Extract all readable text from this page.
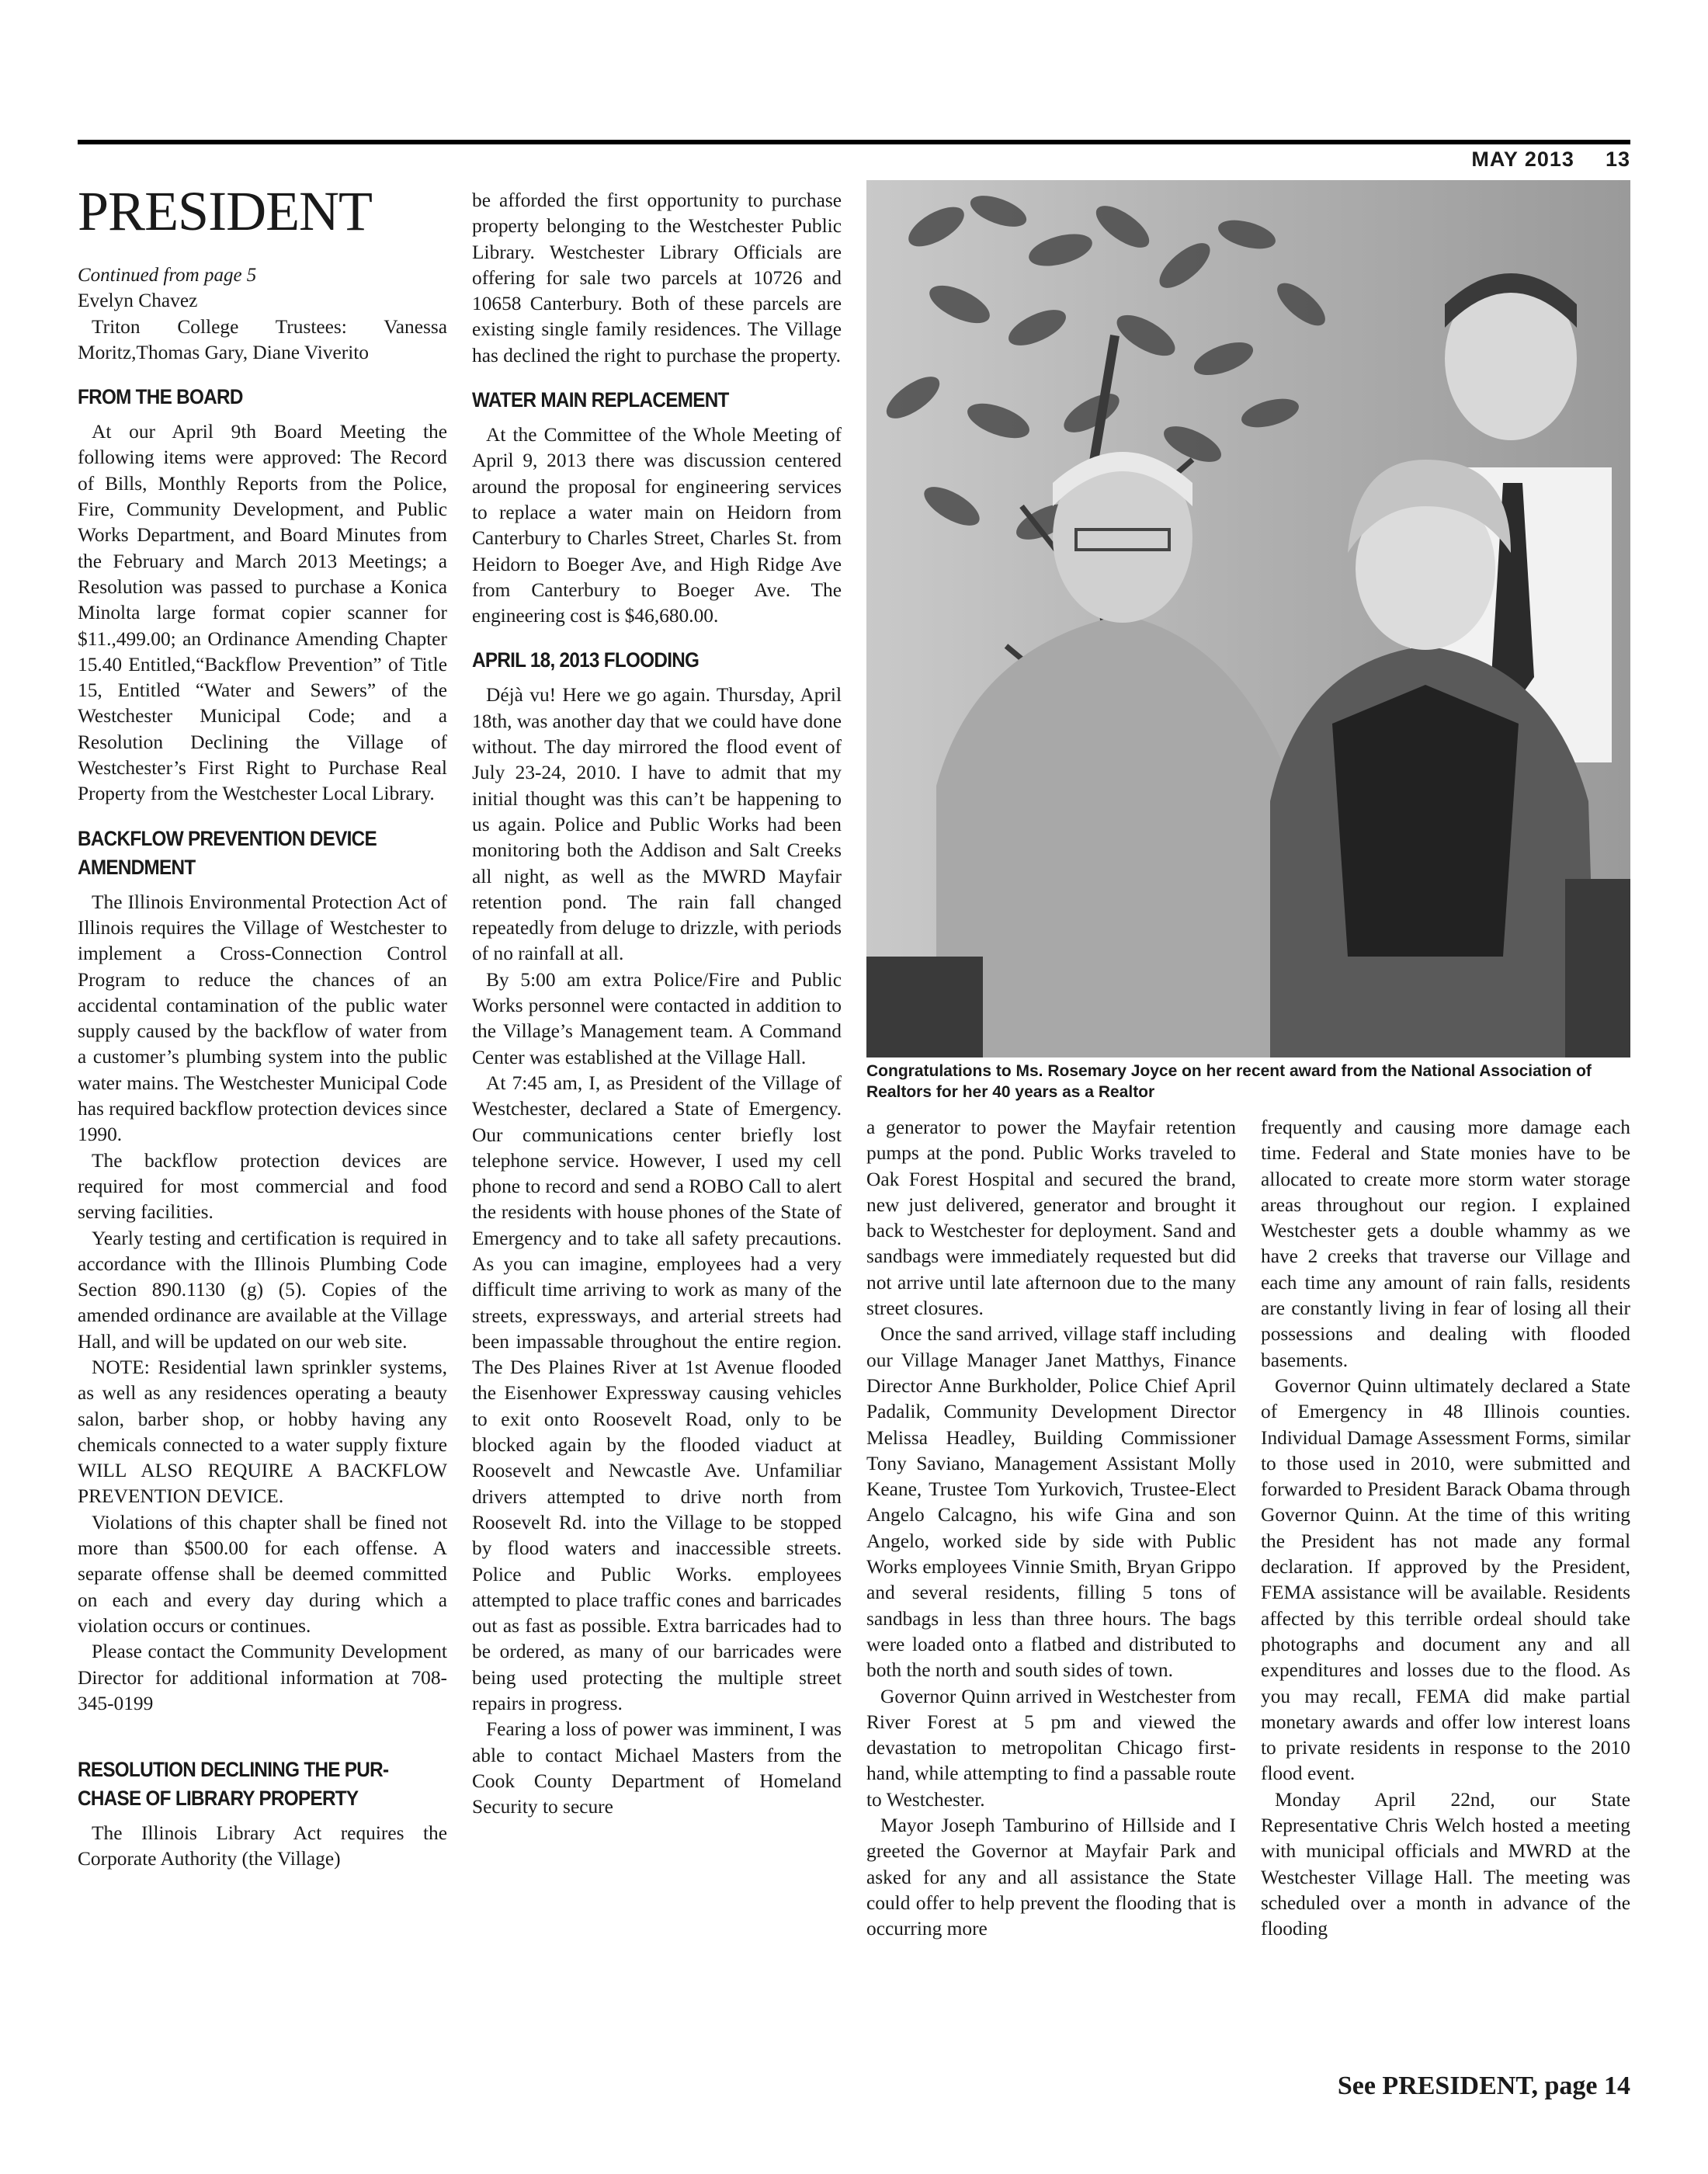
MAY 2013 13
PRESIDENT

Continued from page 5

Evelyn Chavez

Triton College Trustees: Vanessa Moritz,Thomas Gary, Diane Viverito

FROM THE BOARD

At our April 9th Board Meeting the following items were approved: The Record of Bills, Monthly Reports from the Police, Fire, Community Development, and Public Works Department, and Board Minutes from the February and March 2013 Meetings; a Resolution was passed to purchase a Konica Minolta large format copier scanner for $11.,499.00; an Ordinance Amending Chapter 15.40 Entitled,“Backflow Prevention” of Title 15, Entitled “Water and Sewers” of the Westchester Municipal Code; and a Resolution Declining the Village of Westchester’s First Right to Purchase Real Property from the Westchester Local Library.

BACKFLOW PREVENTION DEVICE
AMENDMENT

The Illinois Environmental Protection Act of Illinois requires the Village of Westchester to implement a Cross-Connection Control Program to reduce the chances of an accidental contamination of the public water supply caused by the backflow of water from a customer’s plumbing system into the public water mains. The Westchester Municipal Code has required backflow protection devices since 1990.

The backflow protection devices are required for most commercial and food serving facilities.

Yearly testing and certification is required in accordance with the Illinois Plumbing Code Section 890.1130 (g) (5). Copies of the amended ordinance are available at the Village Hall, and will be updated on our web site.

NOTE: Residential lawn sprinkler systems, as well as any residences operating a beauty salon, barber shop, or hobby having any chemicals connected to a water supply fixture WILL ALSO REQUIRE A BACKFLOW PREVENTION DEVICE.

Violations of this chapter shall be fined not more than $500.00 for each offense. A separate offense shall be deemed committed on each and every day during which a violation occurs or continues.

Please contact the Community Development Director for additional information at 708-345-0199

RESOLUTION DECLINING THE PUR-
CHASE OF LIBRARY PROPERTY

The Illinois Library Act requires the Corporate Authority (the Village)

be afforded the first opportunity to purchase property belonging to the Westchester Public Library. Westchester Library Officials are offering for sale two parcels at 10726 and 10658 Canterbury. Both of these parcels are existing single family residences. The Village has declined the right to purchase the property.

WATER MAIN REPLACEMENT

At the Committee of the Whole Meeting of April 9, 2013 there was discussion centered around the proposal for engineering services to replace a water main on Heidorn from Canterbury to Charles Street, Charles St. from Heidorn to Boeger Ave, and High Ridge Ave from Canterbury to Boeger Ave. The engineering cost is $46,680.00.

APRIL 18, 2013 FLOODING

Déjà vu! Here we go again. Thursday, April 18th, was another day that we could have done without. The day mirrored the flood event of July 23-24, 2010. I have to admit that my initial thought was this can’t be happening to us again. Police and Public Works had been monitoring both the Addison and Salt Creeks all night, as well as the MWRD Mayfair retention pond. The rain fall changed repeatedly from deluge to drizzle, with periods of no rainfall at all.

By 5:00 am extra Police/Fire and Public Works personnel were contacted in addition to the Village’s Management team. A Command Center was established at the Village Hall.

At 7:45 am, I, as President of the Village of Westchester, declared a State of Emergency. Our communications center briefly lost telephone service. However, I used my cell phone to record and send a ROBO Call to alert the residents with house phones of the State of Emergency and to take all safety precautions. As you can imagine, employees had a very difficult time arriving to work as many of the streets, expressways, and arterial streets had been impassable throughout the entire region. The Des Plaines River at 1st Avenue flooded the Eisenhower Expressway causing vehicles to exit onto Roosevelt Road, only to be blocked again by the flooded viaduct at Roosevelt and Newcastle Ave. Unfamiliar drivers attempted to drive north from Roosevelt Rd. into the Village to be stopped by flood waters and inaccessible streets. Police and Public Works. employees attempted to place traffic cones and barricades out as fast as possible. Extra barricades had to be ordered, as many of our barricades were being used protecting the multiple street repairs in progress.

Fearing a loss of power was imminent, I was able to contact Michael Masters from the Cook County Department of Homeland Security to secure

Congratulations to Ms. Rosemary Joyce on her recent award from the National Association of Realtors for her 40 years as a Realtor

a generator to power the Mayfair retention pumps at the pond. Public Works traveled to Oak Forest Hospital and secured the brand, new just delivered, generator and brought it back to Westchester for deployment. Sand and sandbags were immediately requested but did not arrive until late afternoon due to the many street closures.

Once the sand arrived, village staff including our Village Manager Janet Matthys, Finance Director Anne Burkholder, Police Chief April Padalik, Community Development Director Melissa Headley, Building Commissioner Tony Saviano, Management Assistant Molly Keane, Trustee Tom Yurkovich, Trustee-Elect Angelo Calcagno, his wife Gina and son Angelo, worked side by side with Public Works employees Vinnie Smith, Bryan Grippo and several residents, filling 5 tons of sandbags in less than three hours. The bags were loaded onto a flatbed and distributed to both the north and south sides of town.

Governor Quinn arrived in Westchester from River Forest at 5 pm and viewed the devastation to metropolitan Chicago first-hand, while attempting to find a passable route to Westchester.

Mayor Joseph Tamburino of Hillside and I greeted the Governor at Mayfair Park and asked for any and all assistance the State could offer to help prevent the flooding that is occurring more

frequently and causing more damage each time. Federal and State monies have to be allocated to create more storm water storage areas throughout our region. I explained Westchester gets a double whammy as we have 2 creeks that traverse our Village and each time any amount of rain falls, residents are constantly living in fear of losing all their possessions and dealing with flooded basements.

Governor Quinn ultimately declared a State of Emergency in 48 Illinois counties. Individual Damage Assessment Forms, similar to those used in 2010, were submitted and forwarded to President Barack Obama through Governor Quinn. At the time of this writing the President has not made any formal declaration. If approved by the President, FEMA assistance will be available. Residents affected by this terrible ordeal should take photographs and document any and all expenditures and losses due to the flood. As you may recall, FEMA did make partial monetary awards and offer low interest loans to private residents in response to the 2010 flood event.

Monday April 22nd, our State Representative Chris Welch hosted a meeting with municipal officials and MWRD at the Westchester Village Hall. The meeting was scheduled over a month in advance of the flooding

See PRESIDENT, page 14
